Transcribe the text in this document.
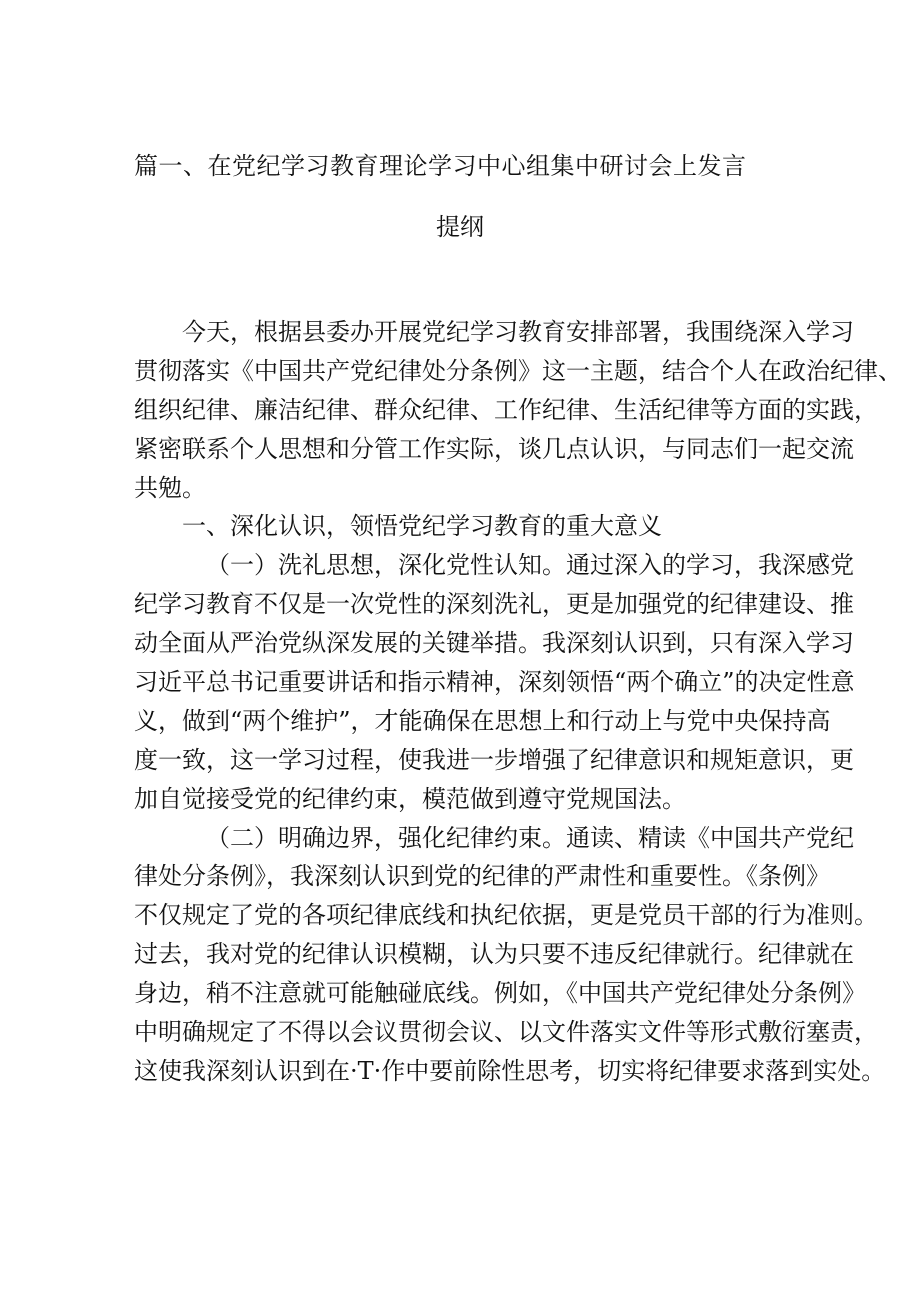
篇一、在党纪学习教育理论学习中心组集中研讨会上发言
提纲
今天，根据县委办开展党纪学习教育安排部署，我围绕深入学习
贯彻落实《中国共产党纪律处分条例》这一主题，结合个人在政治纪律、
组织纪律、廉洁纪律、群众纪律、工作纪律、生活纪律等方面的实践，
紧密联系个人思想和分管工作实际，谈几点认识，与同志们一起交流
共勉。
一、深化认识，领悟党纪学习教育的重大意义
（一）洗礼思想，深化党性认知。通过深入的学习，我深感党
纪学习教育不仅是一次党性的深刻洗礼，更是加强党的纪律建设、推
动全面从严治党纵深发展的关键举措。我深刻认识到，只有深入学习
习近平总书记重要讲话和指示精神，深刻领悟“两个确立”的决定性意
义，做到“两个维护”，才能确保在思想上和行动上与党中央保持高
度一致，这一学习过程，使我进一步增强了纪律意识和规矩意识，更
加自觉接受党的纪律约束，模范做到遵守党规国法。
（二）明确边界，强化纪律约束。通读、精读《中国共产党纪
律处分条例》，我深刻认识到党的纪律的严肃性和重要性。《条例》
不仅规定了党的各项纪律底线和执纪依据，更是党员干部的行为准则。
过去，我对党的纪律认识模糊，认为只要不违反纪律就行。纪律就在
身边，稍不注意就可能触碰底线。例如，《中国共产党纪律处分条例》
中明确规定了不得以会议贯彻会议、以文件落实文件等形式敷衍塞责，
这使我深刻认识到在·T·作中要前除性思考，切实将纪律要求落到实处。
